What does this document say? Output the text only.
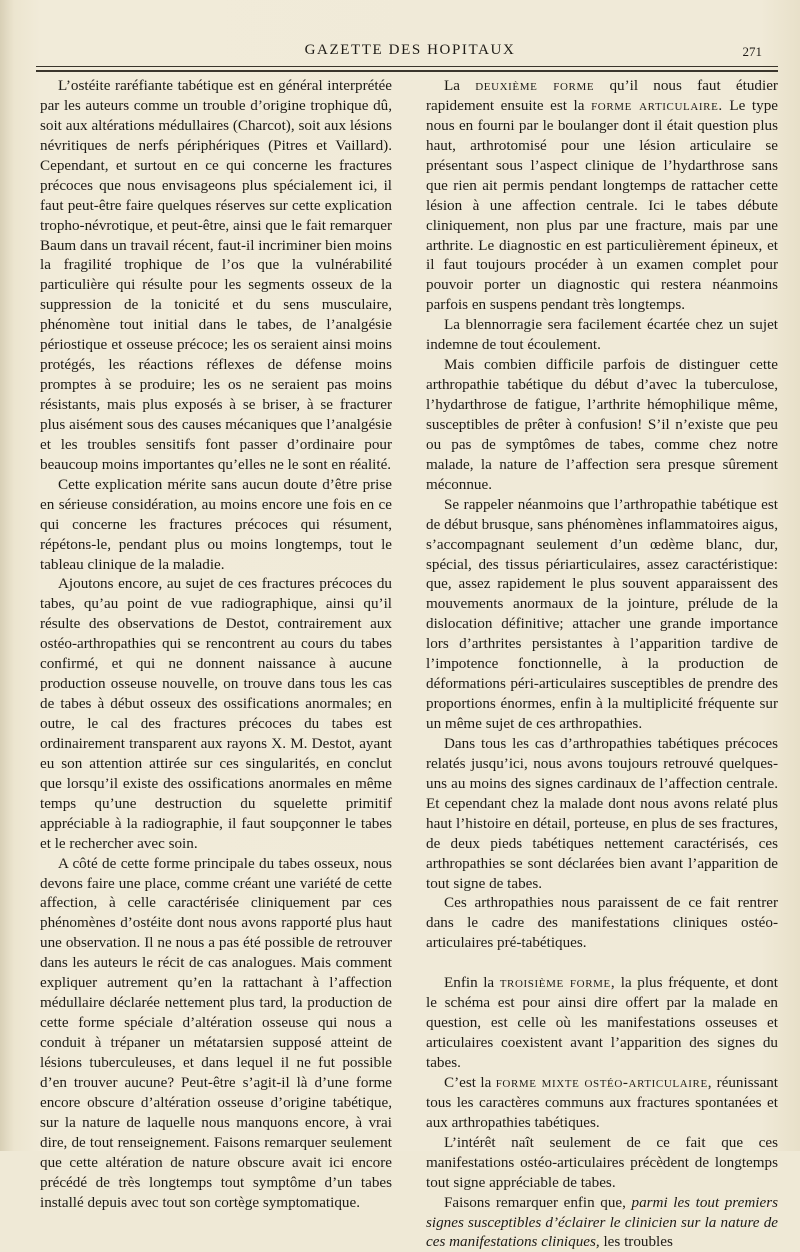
GAZETTE DES HOPITAUX	271

L’ostéite raréfiante tabétique est en général interprétée par les auteurs comme un trouble d’origine trophique dû, soit aux altérations médullaires (Charcot), soit aux lésions névritiques de nerfs périphériques (Pitres et Vaillard). Cependant, et surtout en ce qui concerne les fractures précoces que nous envisageons plus spécialement ici, il faut peut-être faire quelques réserves sur cette explication tropho-névrotique, et peut-être, ainsi que le fait remarquer Baum dans un travail récent, faut-il incriminer bien moins la fragilité trophique de l’os que la vulnérabilité particulière qui résulte pour les segments osseux de la suppression de la tonicité et du sens musculaire, phénomène tout initial dans le tabes, de l’analgésie périostique et osseuse précoce; les os seraient ainsi moins protégés, les réactions réflexes de défense moins promptes à se produire; les os ne seraient pas moins résistants, mais plus exposés à se briser, à se fracturer plus aisément sous des causes mécaniques que l’analgésie et les troubles sensitifs font passer d’ordinaire pour beaucoup moins importantes qu’elles ne le sont en réalité.

Cette explication mérite sans aucun doute d’être prise en sérieuse considération, au moins encore une fois en ce qui concerne les fractures précoces qui résument, répétons-le, pendant plus ou moins longtemps, tout le tableau clinique de la maladie.

Ajoutons encore, au sujet de ces fractures précoces du tabes, qu’au point de vue radiographique, ainsi qu’il résulte des observations de Destot, contrairement aux ostéo-arthropathies qui se rencontrent au cours du tabes confirmé, et qui ne donnent naissance à aucune production osseuse nouvelle, on trouve dans tous les cas de tabes à début osseux des ossifications anormales; en outre, le cal des fractures précoces du tabes est ordinairement transparent aux rayons X. M. Destot, ayant eu son attention attirée sur ces singularités, en conclut que lorsqu’il existe des ossifications anormales en même temps qu’une destruction du squelette primitif appréciable à la radiographie, il faut soupçonner le tabes et le rechercher avec soin.

A côté de cette forme principale du tabes osseux, nous devons faire une place, comme créant une variété de cette affection, à celle caractérisée cliniquement par ces phénomènes d’ostéite dont nous avons rapporté plus haut une observation. Il ne nous a pas été possible de retrouver dans les auteurs le récit de cas analogues. Mais comment expliquer autrement qu’en la rattachant à l’affection médullaire déclarée nettement plus tard, la production de cette forme spéciale d’altération osseuse qui nous a conduit à trépaner un métatarsien supposé atteint de lésions tuberculeuses, et dans lequel il ne fut possible d’en trouver aucune? Peut-être s’agit-il là d’une forme encore obscure d’altération osseuse d’origine tabétique, sur la nature de laquelle nous manquons encore, à vrai dire, de tout renseignement. Faisons remarquer seulement que cette altération de nature obscure avait ici encore précédé de très longtemps tout symptôme d’un tabes installé depuis avec tout son cortège symptomatique.

La deuxième forme qu’il nous faut étudier rapidement ensuite est la forme articulaire. Le type nous en fourni par le boulanger dont il était question plus haut, arthrotomisé pour une lésion articulaire se présentant sous l’aspect clinique de l’hydarthrose sans que rien ait permis pendant longtemps de rattacher cette lésion à une affection centrale. Ici le tabes débute cliniquement, non plus par une fracture, mais par une arthrite. Le diagnostic en est particulièrement épineux, et il faut toujours procéder à un examen complet pour pouvoir porter un diagnostic qui restera néanmoins parfois en suspens pendant très longtemps.

La blennorragie sera facilement écartée chez un sujet indemne de tout écoulement.

Mais combien difficile parfois de distinguer cette arthropathie tabétique du début d’avec la tuberculose, l’hydarthrose de fatigue, l’arthrite hémophilique même, susceptibles de prêter à confusion! S’il n’existe que peu ou pas de symptômes de tabes, comme chez notre malade, la nature de l’affection sera presque sûrement méconnue.

Se rappeler néanmoins que l’arthropathie tabétique est de début brusque, sans phénomènes inflammatoires aigus, s’accompagnant seulement d’un œdème blanc, dur, spécial, des tissus périarticulaires, assez caractéristique: que, assez rapidement le plus souvent apparaissent des mouvements anormaux de la jointure, prélude de la dislocation définitive; attacher une grande importance lors d’arthrites persistantes à l’apparition tardive de l’impotence fonctionnelle, à la production de déformations péri-articulaires susceptibles de prendre des proportions énormes, enfin à la multiplicité fréquente sur un même sujet de ces arthropathies.

Dans tous les cas d’arthropathies tabétiques précoces relatés jusqu’ici, nous avons toujours retrouvé quelques-uns au moins des signes cardinaux de l’affection centrale. Et cependant chez la malade dont nous avons relaté plus haut l’histoire en détail, porteuse, en plus de ses fractures, de deux pieds tabétiques nettement caractérisés, ces arthropathies se sont déclarées bien avant l’apparition de tout signe de tabes.

Ces arthropathies nous paraissent de ce fait rentrer dans le cadre des manifestations cliniques ostéo-articulaires pré-tabétiques.

Enfin la troisième forme, la plus fréquente, et dont le schéma est pour ainsi dire offert par la malade en question, est celle où les manifestations osseuses et articulaires coexistent avant l’apparition des signes du tabes.

C’est la forme mixte ostéo-articulaire, réunissant tous les caractères communs aux fractures spontanées et aux arthropathies tabétiques.

L’intérêt naît seulement de ce fait que ces manifestations ostéo-articulaires précèdent de longtemps tout signe appréciable de tabes.

Faisons remarquer enfin que, parmi les tout premiers signes susceptibles d’éclairer le clinicien sur la nature de ces manifestations cliniques, les troubles
